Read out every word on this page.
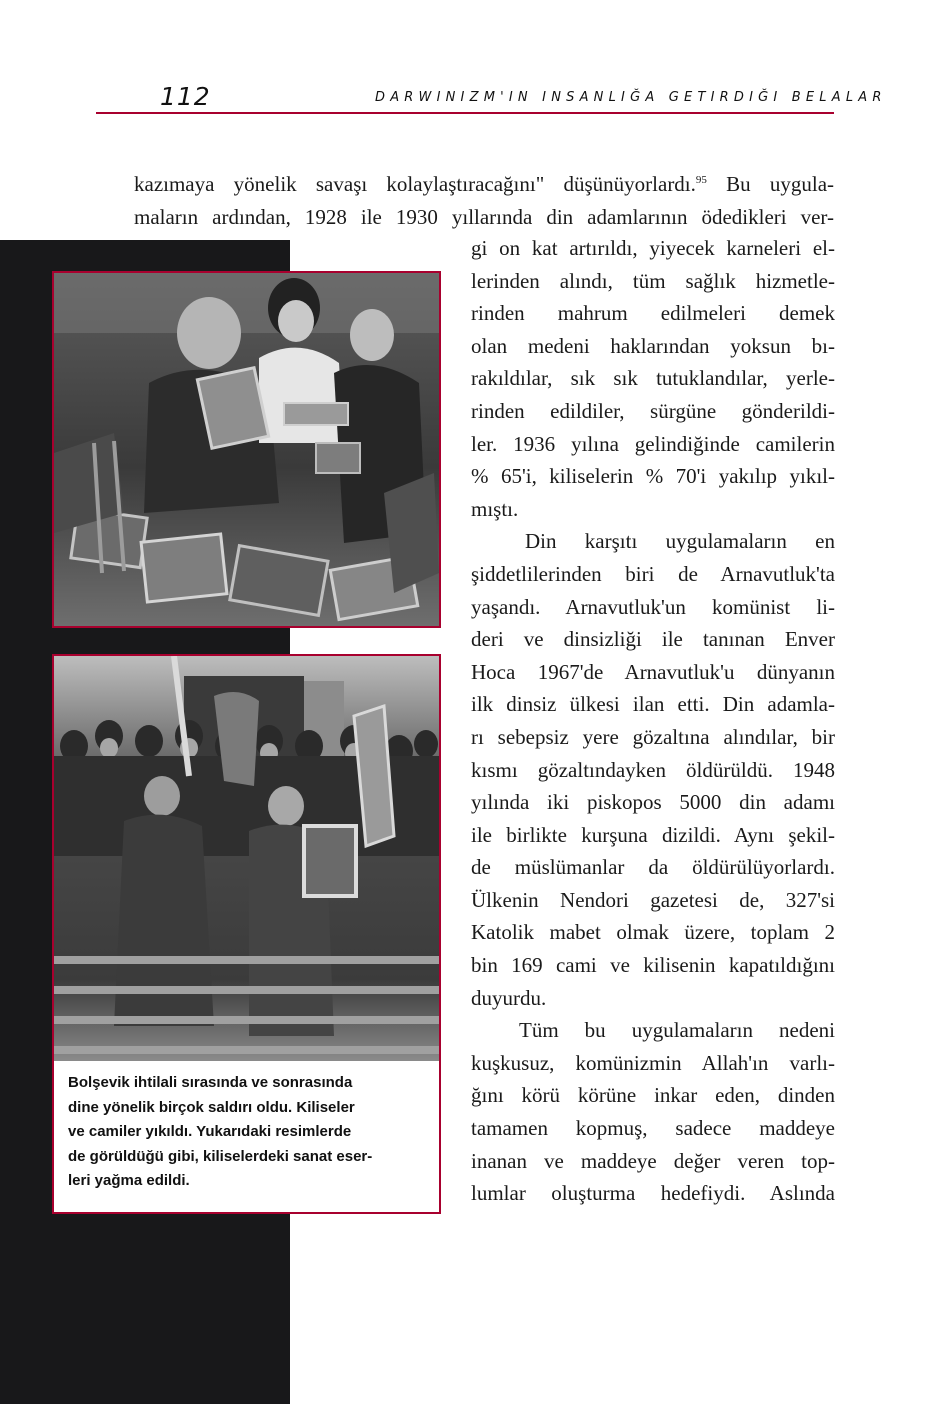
112	DARWINIZM'IN INSANLIĞA GETIRDIĞI BELALAR
kazımaya yönelik savaşı kolaylaştıracağını" düşünüyorlardı.$^{95}$ Bu uygula-
maların ardından, 1928 ile 1930 yıllarında din adamlarının ödedikleri ver-
Bolşevik ihtilali sırasında ve sonrasında
dine yönelik birçok saldırı oldu. Kiliseler
ve camiler yıkıldı. Yukarıdaki resimlerde
de görüldüğü gibi, kiliselerdeki sanat eser-
leri yağma edildi.
gi on kat artırıldı, yiyecek karneleri el-
lerinden alındı, tüm sağlık hizmetle-
rinden mahrum edilmeleri demek
olan medeni haklarından yoksun bı-
rakıldılar, sık sık tutuklandılar, yerle-
rinden edildiler, sürgüne gönderildi-
ler. 1936 yılına gelindiğinde camilerin
% 65'i, kiliselerin % 70'i yakılıp yıkıl-
mıştı.
Din karşıtı uygulamaların en
şiddetlilerinden biri de Arnavutluk'ta
yaşandı. Arnavutluk'un komünist li-
deri ve dinsizliği ile tanınan Enver
Hoca 1967'de Arnavutluk'u dünyanın
ilk dinsiz ülkesi ilan etti. Din adamla-
rı sebepsiz yere gözaltına alındılar, bir
kısmı gözaltındayken öldürüldü. 1948
yılında iki piskopos 5000 din adamı
ile birlikte kurşuna dizildi. Aynı şekil-
de müslümanlar da öldürülüyorlardı.
Ülkenin Nendori gazetesi de, 327'si
Katolik mabet olmak üzere, toplam 2
bin 169 cami ve kilisenin kapatıldığını
duyurdu.
Tüm bu uygulamaların nedeni
kuşkusuz, komünizmin Allah'ın varlı-
ğını körü körüne inkar eden, dinden
tamamen kopmuş, sadece maddeye
inanan ve maddeye değer veren top-
lumlar oluşturma hedefiydi. Aslında
